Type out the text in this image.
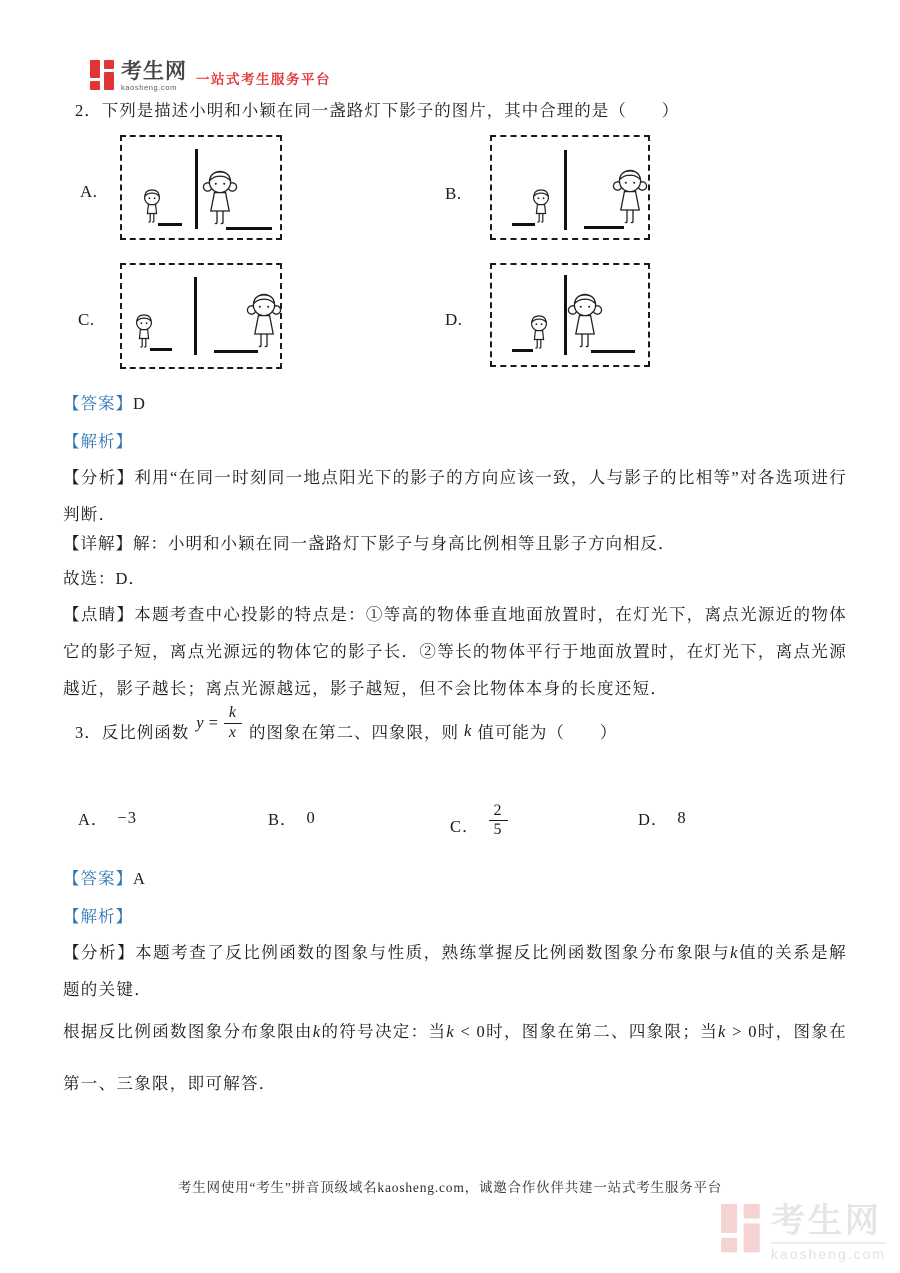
考生网
kaosheng.com	一站式考生服务平台
2．下列是描述小明和小颖在同一盏路灯下影子的图片，其中合理的是（　　）
A.	B.
C.	D.
【答案】D
【解析】
【分析】利用“在同一时刻同一地点阳光下的影子的方向应该一致，人与影子的比相等”对各选项进行判断．
【详解】解：小明和小颖在同一盏路灯下影子与身高比例相等且影子方向相反．
故选：D．
【点睛】本题考查中心投影的特点是：①等高的物体垂直地面放置时，在灯光下，离点光源近的物体它的影子短，离点光源远的物体它的影子长．②等长的物体平行于地面放置时，在灯光下，离点光源越近，影子越长；离点光源越远，影子越短，但不会比物体本身的长度还短．
3．反比例函数
$y = \frac{k}{x}$ 的图象在第二、四象限，则 k 值可能为（　　）
A． −3	B． 0	C． $\frac{2}{5}$	D． 8
【答案】A
【解析】
【分析】本题考查了反比例函数的图象与性质，熟练掌握反比例函数图象分布象限与k值的关系是解题的关键．
根据反比例函数图象分布象限由k的符号决定：当k < 0时，图象在第二、四象限；当k > 0时，图象在第一、三象限，即可解答．
考生网使用“考生”拼音顶级域名kaosheng.com，诚邀合作伙伴共建一站式考生服务平台
考生网
kaosheng.com
